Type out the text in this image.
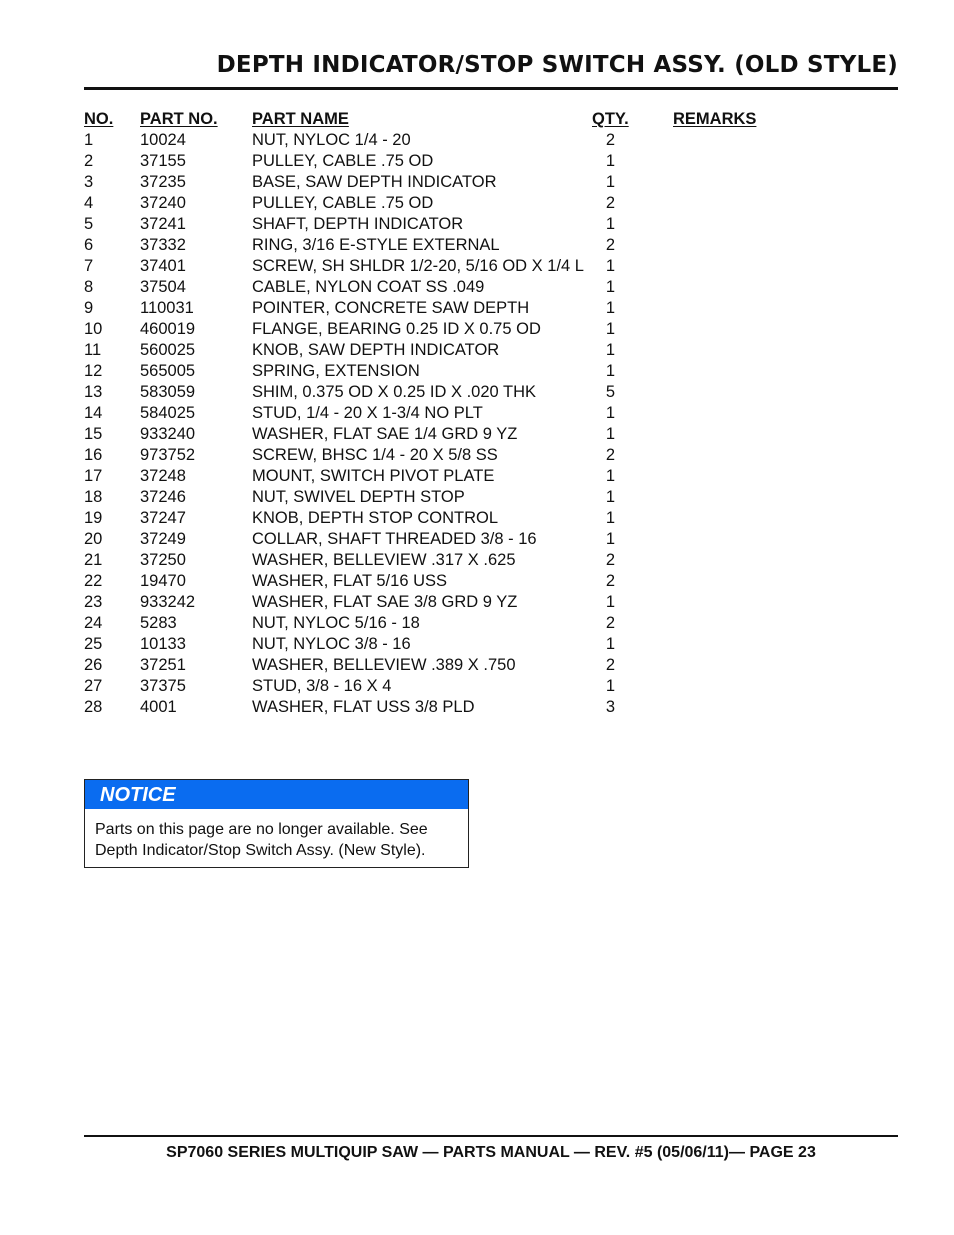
DEPTH INDICATOR/STOP SWITCH ASSY. (OLD STYLE)
NO. PART NO. PART NAME	QTY.	REMARKS
1	10024	NUT, NYLOC 1/4 - 20	2
2	37155	PULLEY, CABLE .75 OD	1
3	37235	BASE, SAW DEPTH INDICATOR	1
4	37240	PULLEY, CABLE .75 OD	2
5	37241	SHAFT, DEPTH INDICATOR	1
6	37332	RING, 3/16 E-STYLE EXTERNAL	2
7	37401	SCREW, SH SHLDR 1/2-20, 5/16 OD X 1/4 L	1
8	37504	CABLE, NYLON COAT SS .049	1
9	110031	POINTER, CONCRETE SAW DEPTH	1
10 460019	FLANGE, BEARING 0.25 ID X 0.75 OD	1
11 560025	KNOB, SAW DEPTH INDICATOR	1
12 565005	SPRING, EXTENSION	1
13 583059	SHIM, 0.375 OD X 0.25 ID X .020 THK	5
14 584025	STUD, 1/4 - 20 X 1-3/4 NO PLT	1
15 933240	WASHER, FLAT SAE 1/4 GRD 9 YZ	1
16 973752	SCREW, BHSC 1/4 - 20 X 5/8 SS	2
17 37248	MOUNT, SWITCH PIVOT PLATE	1
18 37246	NUT, SWIVEL DEPTH STOP	1
19 37247	KNOB, DEPTH STOP CONTROL	1
20 37249	COLLAR, SHAFT THREADED 3/8 - 16	1
21 37250	WASHER, BELLEVIEW .317 X .625	2
22 19470	WASHER, FLAT 5/16 USS	2
23 933242	WASHER, FLAT SAE 3/8 GRD 9 YZ	1
24 5283	NUT, NYLOC 5/16 - 18	2
25 10133	NUT, NYLOC 3/8 - 16	1
26 37251	WASHER, BELLEVIEW .389 X .750	2
27 37375	STUD, 3/8 - 16 X 4	1
28 4001	WASHER, FLAT USS 3/8 PLD	3
NOTICE
Parts on this page are no longer available. See Depth Indicator/Stop Switch Assy. (New Style).
SP7060 SERIES MULTIQUIP SAW — PARTS MANUAL — REV. #5 (05/06/11)— PAGE 23
